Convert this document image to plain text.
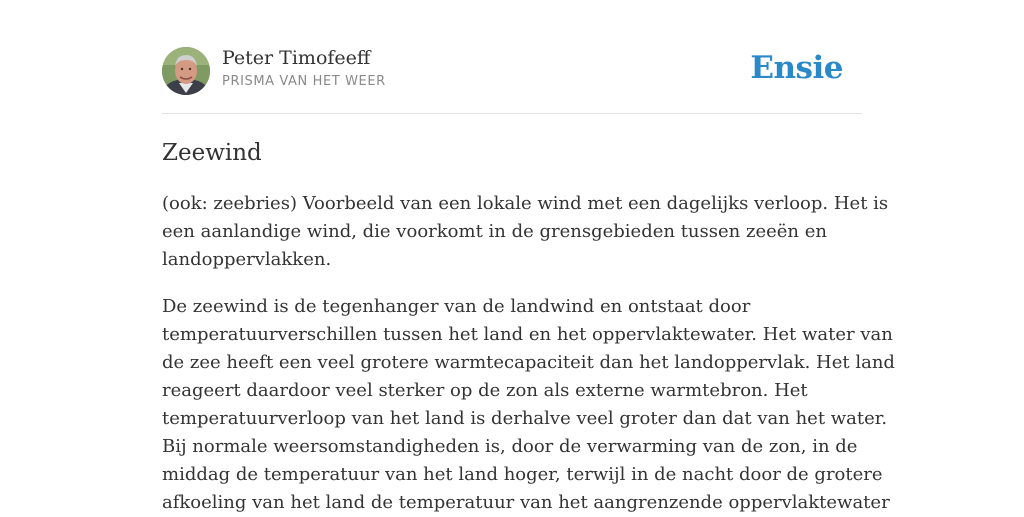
Peter Timofeeff
PRISMA VAN HET WEER	Ensie
Zeewind

(ook: zeebries) Voorbeeld van een lokale wind met een dagelijks verloop. Het is
een aanlandige wind, die voorkomt in de grensgebieden tussen zeeën en
landoppervlakken.

De zeewind is de tegenhanger van de landwind en ontstaat door
temperatuurverschillen tussen het land en het oppervlaktewater. Het water van
de zee heeft een veel grotere warmtecapaciteit dan het landoppervlak. Het land
reageert daardoor veel sterker op de zon als externe warmtebron. Het
temperatuurverloop van het land is derhalve veel groter dan dat van het water.
Bij normale weersomstandigheden is, door de verwarming van de zon, in de
middag de temperatuur van het land hoger, terwijl in de nacht door de grotere
afkoeling van het land de temperatuur van het aangrenzende oppervlaktewater
